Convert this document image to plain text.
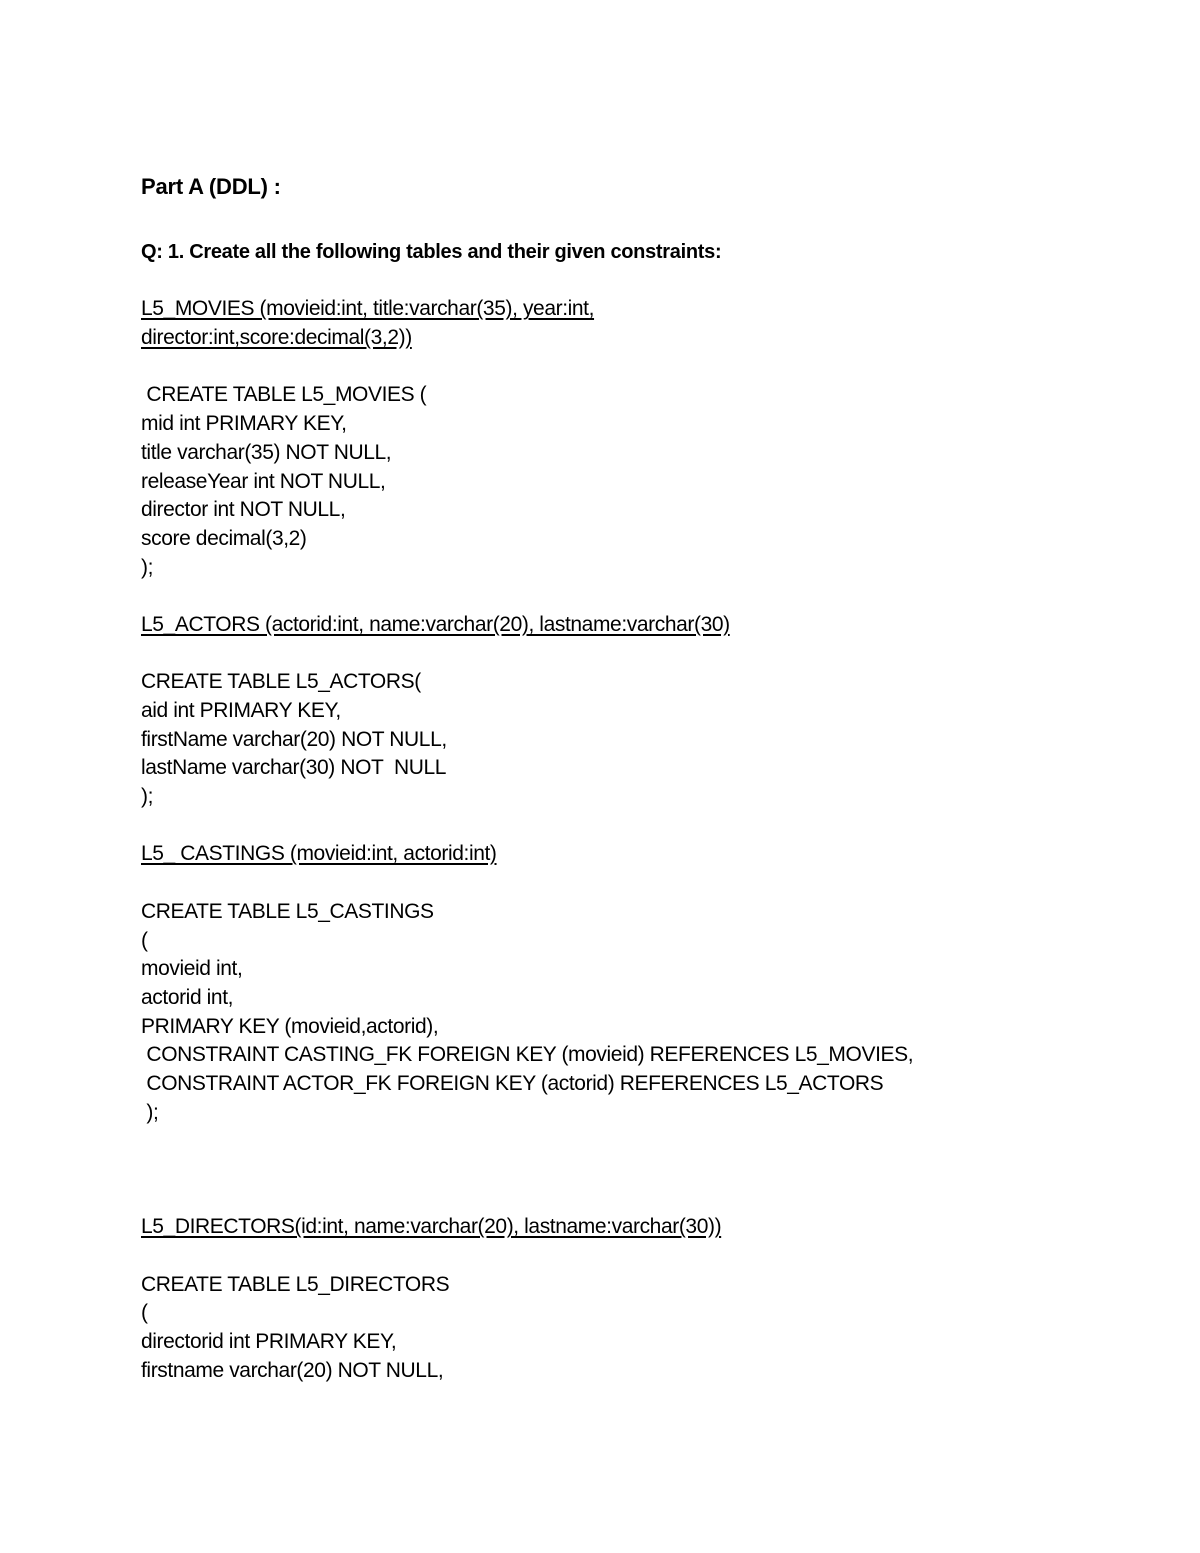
Part A (DDL) :
Q: 1. Create all the following tables and their given constraints:
L5_MOVIES (movieid:int, title:varchar(35), year:int,
director:int,score:decimal(3,2))
CREATE TABLE L5_MOVIES (
mid int PRIMARY KEY,
title varchar(35) NOT NULL,
releaseYear int NOT NULL,
director int NOT NULL,
score decimal(3,2)
);
L5_ACTORS (actorid:int, name:varchar(20), lastname:varchar(30)
CREATE TABLE L5_ACTORS(
aid int PRIMARY KEY,
firstName varchar(20) NOT NULL,
lastName varchar(30) NOT  NULL
);
L5_ CASTINGS (movieid:int, actorid:int)
CREATE TABLE L5_CASTINGS
(
movieid int,
actorid int,
PRIMARY KEY (movieid,actorid),
CONSTRAINT CASTING_FK FOREIGN KEY (movieid) REFERENCES L5_MOVIES,
CONSTRAINT ACTOR_FK FOREIGN KEY (actorid) REFERENCES L5_ACTORS
);
L5_DIRECTORS(id:int, name:varchar(20), lastname:varchar(30))
CREATE TABLE L5_DIRECTORS
(
directorid int PRIMARY KEY,
firstname varchar(20) NOT NULL,
